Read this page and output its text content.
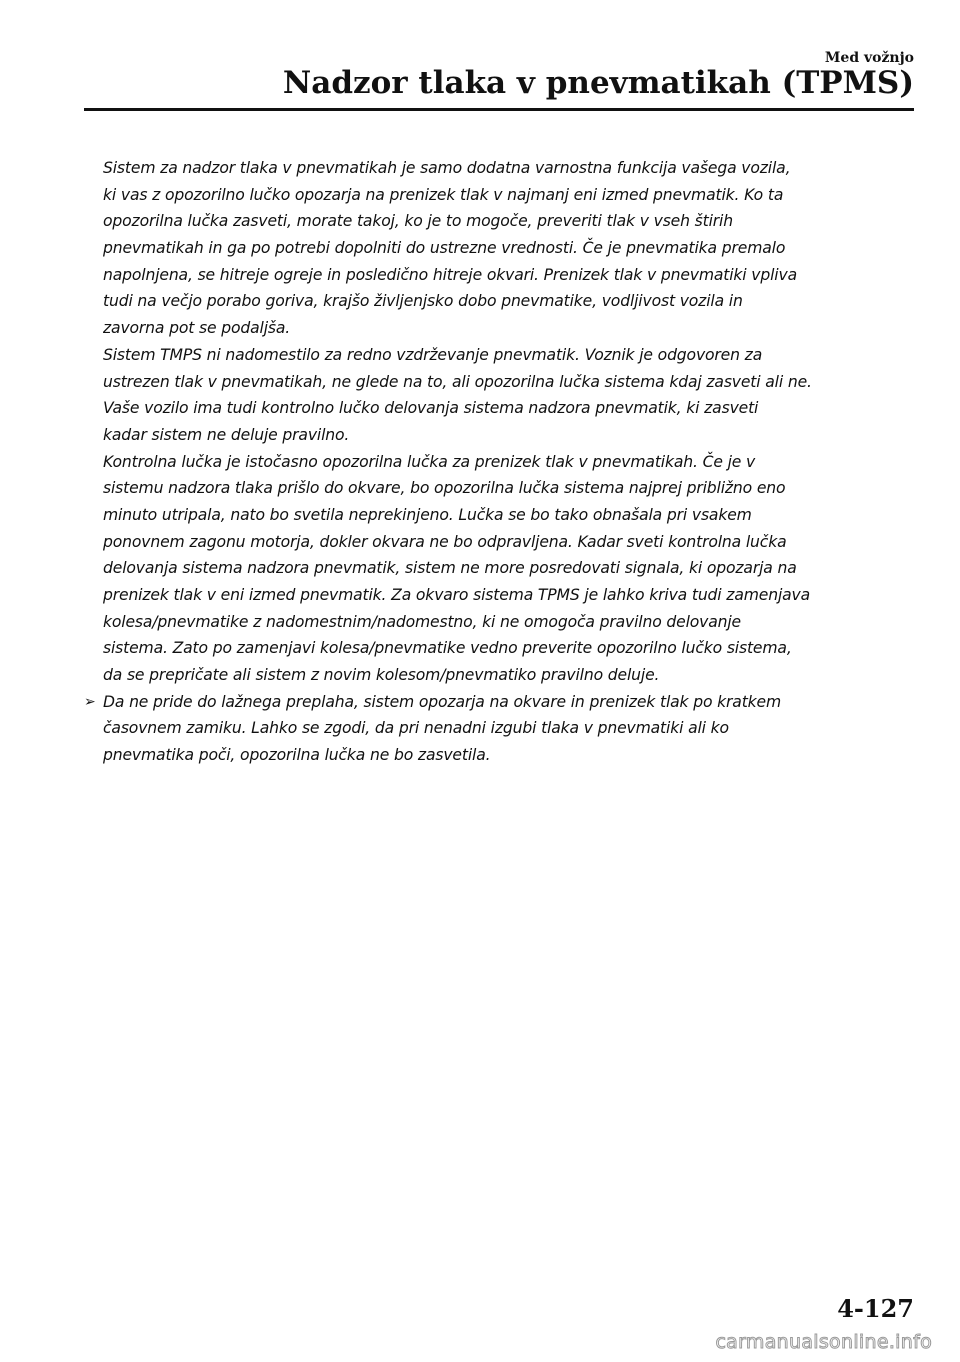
Med vožnjo
Nadzor tlaka v pnevmatikah (TPMS)
Sistem za nadzor tlaka v pnevmatikah je samo dodatna varnostna funkcija vašega vozila,
ki vas z opozorilno lučko opozarja na prenizek tlak v najmanj eni izmed pnevmatik. Ko ta
opozorilna lučka zasveti, morate takoj, ko je to mogoče, preveriti tlak v vseh štirih
pnevmatikah in ga po potrebi dopolniti do ustrezne vrednosti. Če je pnevmatika premalo
napolnjena, se hitreje ogreje in posledično hitreje okvari. Prenizek tlak v pnevmatiki vpliva
tudi na večjo porabo goriva, krajšo življenjsko dobo pnevmatike, vodljivost vozila in
zavorna pot se podaljša.
Sistem TMPS ni nadomestilo za redno vzdrževanje pnevmatik. Voznik je odgovoren za
ustrezen tlak v pnevmatikah, ne glede na to, ali opozorilna lučka sistema kdaj zasveti ali ne.
Vaše vozilo ima tudi kontrolno lučko delovanja sistema nadzora pnevmatik, ki zasveti
kadar sistem ne deluje pravilno.
Kontrolna lučka je istočasno opozorilna lučka za prenizek tlak v pnevmatikah. Če je v
sistemu nadzora tlaka prišlo do okvare, bo opozorilna lučka sistema najprej približno eno
minuto utripala, nato bo svetila neprekinjeno. Lučka se bo tako obnašala pri vsakem
ponovnem zagonu motorja, dokler okvara ne bo odpravljena. Kadar sveti kontrolna lučka
delovanja sistema nadzora pnevmatik, sistem ne more posredovati signala, ki opozarja na
prenizek tlak v eni izmed pnevmatik. Za okvaro sistema TPMS je lahko kriva tudi zamenjava
kolesa/pnevmatike z nadomestnim/nadomestno, ki ne omogoča pravilno delovanje
sistema. Zato po zamenjavi kolesa/pnevmatike vedno preverite opozorilno lučko sistema,
da se prepričate ali sistem z novim kolesom/pnevmatiko pravilno deluje.
➢ Da ne pride do lažnega preplaha, sistem opozarja na okvare in prenizek tlak po kratkem
časovnem zamiku. Lahko se zgodi, da pri nenadni izgubi tlaka v pnevmatiki ali ko
pnevmatika poči, opozorilna lučka ne bo zasvetila.
4-127
carmanualsonline.info
